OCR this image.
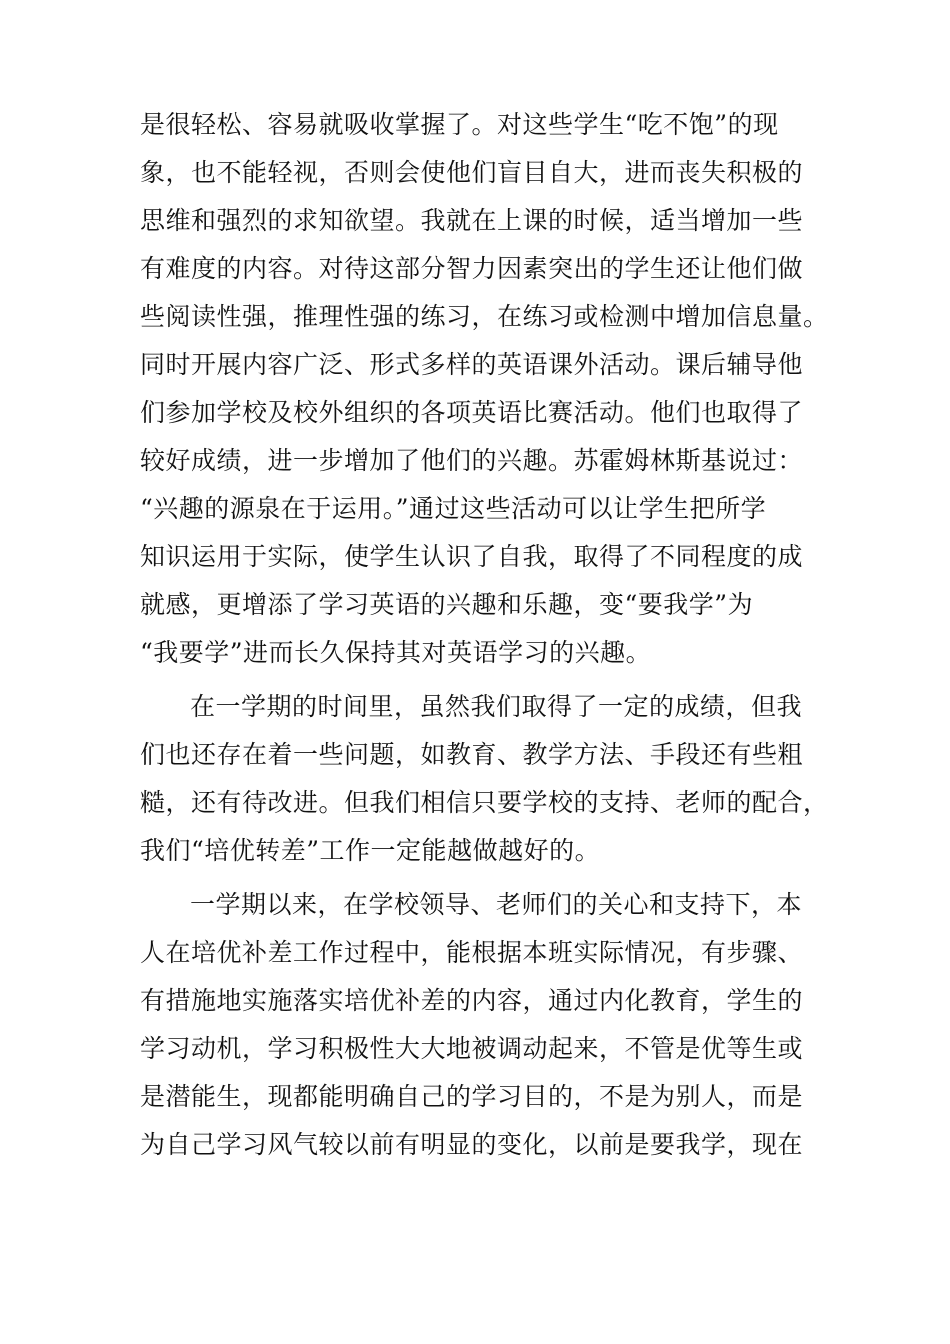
是很轻松、容易就吸收掌握了。对这些学生“吃不饱”的现
象，也不能轻视，否则会使他们盲目自大，进而丧失积极的
思维和强烈的求知欲望。我就在上课的时候，适当增加一些
有难度的内容。对待这部分智力因素突出的学生还让他们做
些阅读性强，推理性强的练习，在练习或检测中增加信息量。
同时开展内容广泛、形式多样的英语课外活动。课后辅导他
们参加学校及校外组织的各项英语比赛活动。他们也取得了
较好成绩，进一步增加了他们的兴趣。苏霍姆林斯基说过：
“兴趣的源泉在于运用。”通过这些活动可以让学生把所学
知识运用于实际，使学生认识了自我，取得了不同程度的成
就感，更增添了学习英语的兴趣和乐趣，变“要我学”为
“我要学”进而长久保持其对英语学习的兴趣。
在一学期的时间里，虽然我们取得了一定的成绩，但我
们也还存在着一些问题，如教育、教学方法、手段还有些粗
糙，还有待改进。但我们相信只要学校的支持、老师的配合，
我们“培优转差”工作一定能越做越好的。
一学期以来，在学校领导、老师们的关心和支持下，本
人在培优补差工作过程中，能根据本班实际情况，有步骤、
有措施地实施落实培优补差的内容，通过内化教育，学生的
学习动机，学习积极性大大地被调动起来，不管是优等生或
是潜能生，现都能明确自己的学习目的，不是为别人，而是
为自己学习风气较以前有明显的变化，以前是要我学，现在
